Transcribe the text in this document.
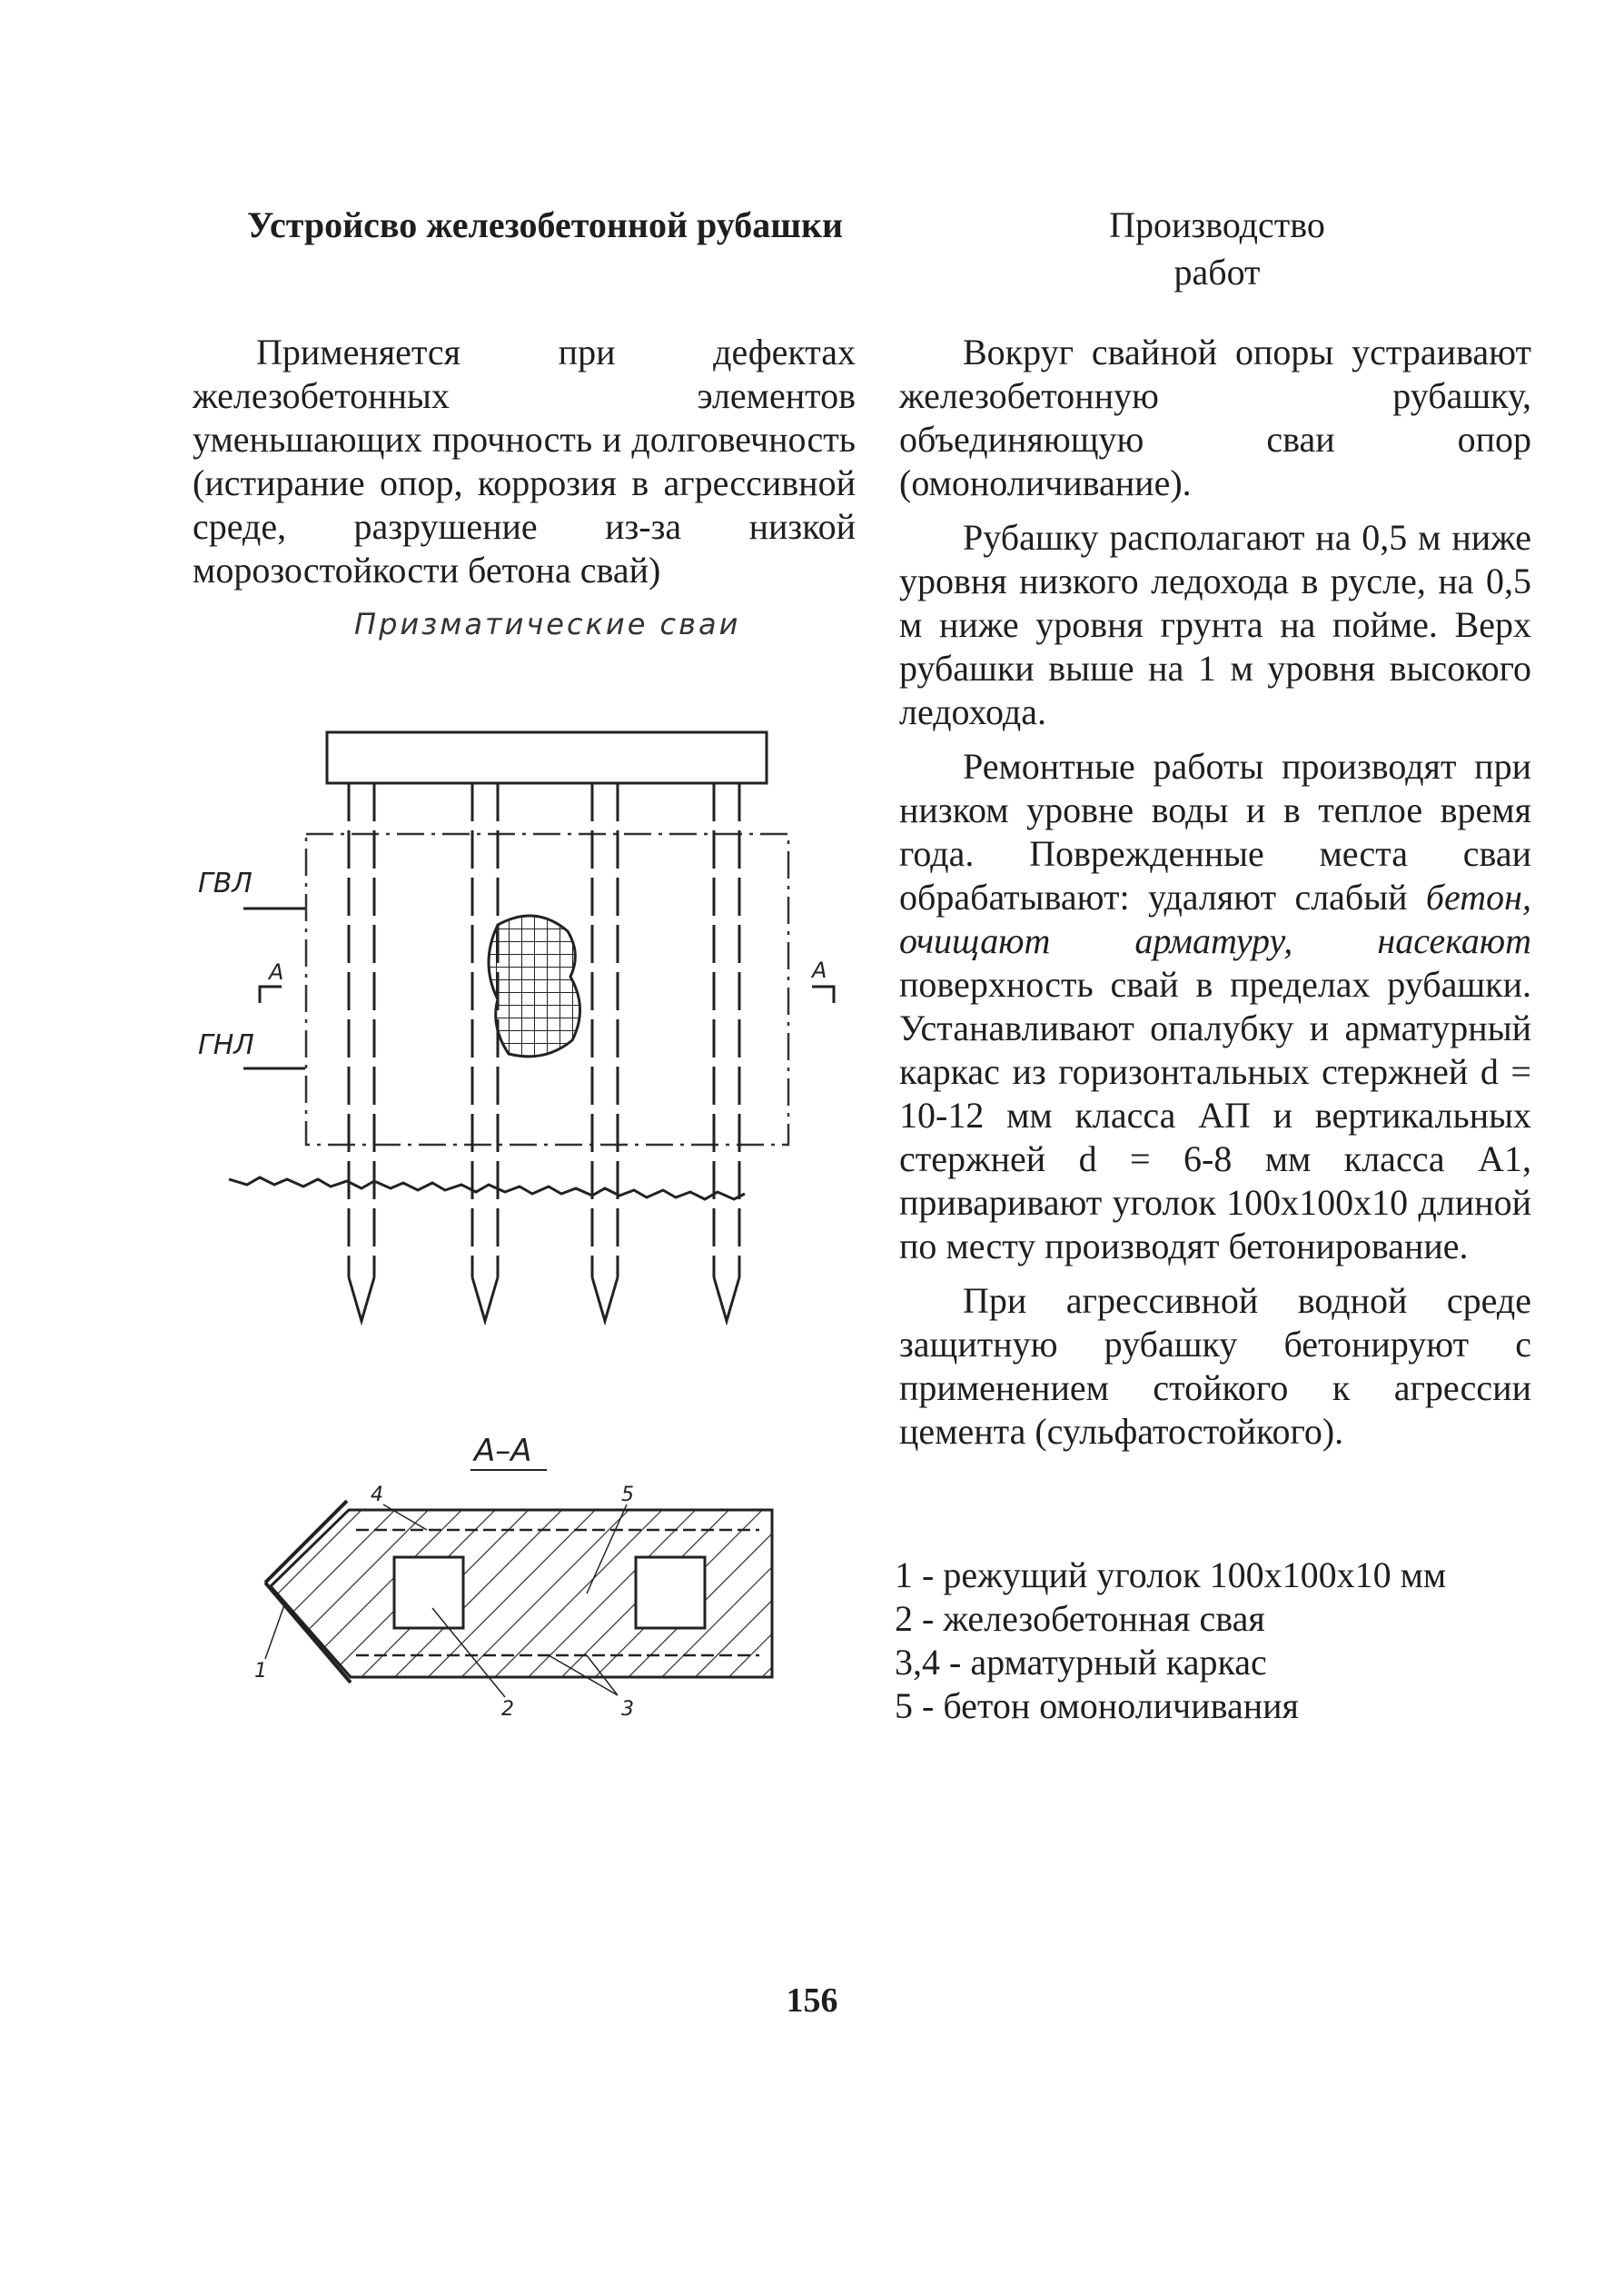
Устройсво железобетонной рубашки	Производство
работ

Применяется при дефектах железобетонных элементов уменьшающих прочность и долговечность (истирание опор, коррозия в агрессивной среде, разрушение из-за низкой морозостойкости бетона свай)

Призматические сваи

Вокруг свайной опоры устраивают железобетонную рубашку, объединяющую сваи опор (омоноличивание).

Рубашку располагают на 0,5 м ниже уровня низкого ледохода в русле, на 0,5 м ниже уровня грунта на пойме. Верх рубашки выше на 1 м уровня высокого ледохода.

Ремонтные работы производят при низком уровне воды и в теплое время года. Поврежденные места сваи обрабатывают: удаляют слабый бетон, очищают арматуру, насекают поверхность свай в пределах рубашки. Устанавливают опалубку и арматурный каркас из горизонтальных стержней d = 10-12 мм класса АП и вертикальных стержней d = 6-8 мм класса А1, приваривают уголок 100х100х10 длиной по месту производят бетонирование.

При агрессивной водной среде защитную рубашку бетонируют с применением стойкого к агрессии цемента (сульфатостойкого).

ГВЛ
ГНЛ
А	А
А–А
4	5
1
2	3
1 - режущий уголок 100х100х10 мм
2 - железобетонная свая
3,4 - арматурный каркас
5 - бетон омоноличивания
156
